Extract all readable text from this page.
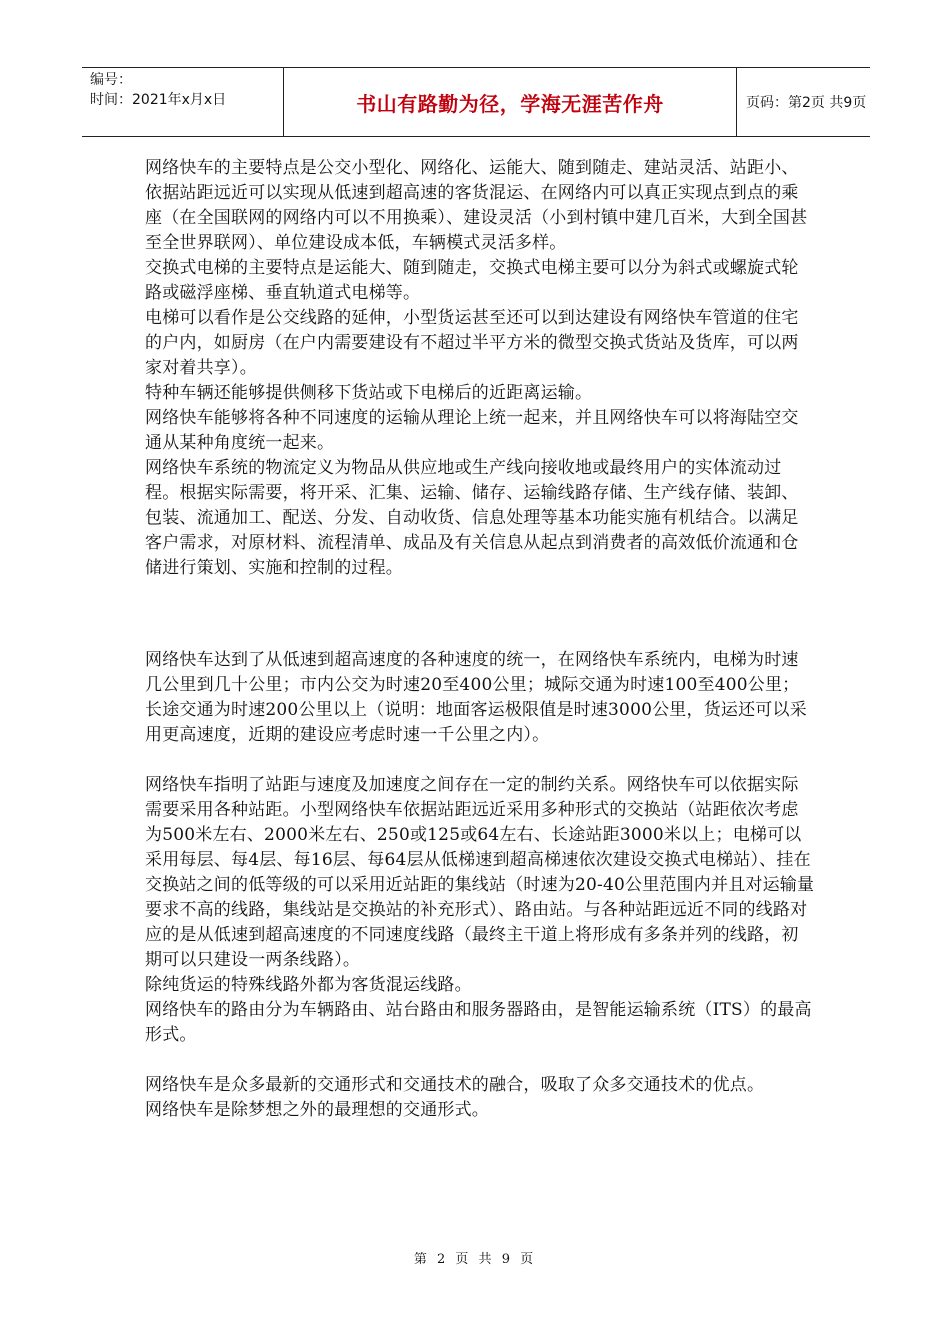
编号：
时间：2021年x月x日	书山有路勤为径，学海无涯苦作舟	页码：第2页 共9页

网络快车的主要特点是公交小型化、网络化、运能大、随到随走、建站灵活、站距小、依据站距远近可以实现从低速到超高速的客货混运、在网络内可以真正实现点到点的乘座（在全国联网的网络内可以不用换乘）、建设灵活（小到村镇中建几百米，大到全国甚至全世界联网）、单位建设成本低，车辆模式灵活多样。

交换式电梯的主要特点是运能大、随到随走，交换式电梯主要可以分为斜式或螺旋式轮路或磁浮座梯、垂直轨道式电梯等。

电梯可以看作是公交线路的延伸，小型货运甚至还可以到达建设有网络快车管道的住宅的户内，如厨房（在户内需要建设有不超过半平方米的微型交换式货站及货库，可以两家对着共享）。

特种车辆还能够提供侧移下货站或下电梯后的近距离运输。

网络快车能够将各种不同速度的运输从理论上统一起来，并且网络快车可以将海陆空交通从某种角度统一起来。

网络快车系统的物流定义为物品从供应地或生产线向接收地或最终用户的实体流动过程。根据实际需要，将开采、汇集、运输、储存、运输线路存储、生产线存储、装卸、包装、流通加工、配送、分发、自动收货、信息处理等基本功能实施有机结合。以满足客户需求，对原材料、流程清单、成品及有关信息从起点到消费者的高效低价流通和仓储进行策划、实施和控制的过程。

网络快车达到了从低速到超高速度的各种速度的统一，在网络快车系统内，电梯为时速几公里到几十公里；市内公交为时速20至400公里；城际交通为时速100至400公里；长途交通为时速200公里以上（说明：地面客运极限值是时速3000公里，货运还可以采用更高速度，近期的建设应考虑时速一千公里之内）。

网络快车指明了站距与速度及加速度之间存在一定的制约关系。网络快车可以依据实际需要采用各种站距。小型网络快车依据站距远近采用多种形式的交换站（站距依次考虑为500米左右、2000米左右、250或125或64左右、长途站距3000米以上；电梯可以采用每层、每4层、每16层、每64层从低梯速到超高梯速依次建设交换式电梯站）、挂在交换站之间的低等级的可以采用近站距的集线站（时速为20-40公里范围内并且对运输量要求不高的线路，集线站是交换站的补充形式）、路由站。与各种站距远近不同的线路对应的是从低速到超高速度的不同速度线路（最终主干道上将形成有多条并列的线路，初期可以只建设一两条线路）。

除纯货运的特殊线路外都为客货混运线路。

网络快车的路由分为车辆路由、站台路由和服务器路由，是智能运输系统（ITS）的最高形式。

网络快车是众多最新的交通形式和交通技术的融合，吸取了众多交通技术的优点。

网络快车是除梦想之外的最理想的交通形式。

第 2 页 共 9 页
